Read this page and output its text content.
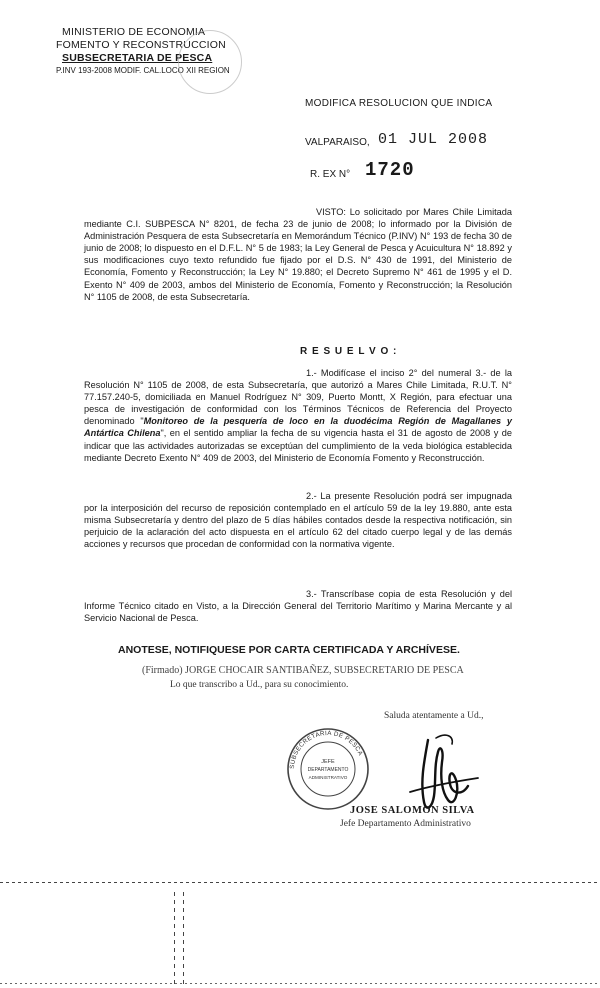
MINISTERIO DE ECONOMIA
FOMENTO Y RECONSTRUCCION
SUBSECRETARIA DE PESCA
P.INV 193-2008 MODIF. CAL.LOCO XII REGION
MODIFICA RESOLUCION QUE INDICA
VALPARAISO, 01 JUL 2008
R. EX N° 1720

VISTO: Lo solicitado por Mares Chile Limitada mediante C.I. SUBPESCA N° 8201, de fecha 23 de junio de 2008; lo informado por la División de Administración Pesquera de esta Subsecretaría en Memorándum Técnico (P.INV) N° 193 de fecha 30 de junio de 2008; lo dispuesto en el D.F.L. N° 5 de 1983; la Ley General de Pesca y Acuicultura N° 18.892 y sus modificaciones cuyo texto refundido fue fijado por el D.S. N° 430 de 1991, del Ministerio de Economía, Fomento y Reconstrucción; la Ley N° 19.880; el Decreto Supremo N° 461 de 1995 y el D. Exento N° 409 de 2003, ambos del Ministerio de Economía, Fomento y Reconstrucción; la Resolución N° 1105 de 2008, de esta Subsecretaría.

R E S U E L V O :

1.- Modifícase el inciso 2° del numeral 3.- de la Resolución N° 1105 de 2008, de esta Subsecretaría, que autorizó a Mares Chile Limitada, R.U.T. N° 77.157.240-5, domiciliada en Manuel Rodríguez N° 309, Puerto Montt, X Región, para efectuar una pesca de investigación de conformidad con los Términos Técnicos de Referencia del Proyecto denominado "Monitoreo de la pesquería de loco en la duodécima Región de Magallanes y Antártica Chilena", en el sentido ampliar la fecha de su vigencia hasta el 31 de agosto de 2008 y de indicar que las actividades autorizadas se exceptúan del cumplimiento de la veda biológica establecida mediante Decreto Exento N° 409 de 2003, del Ministerio de Economía Fomento y Reconstrucción.

2.- La presente Resolución podrá ser impugnada por la interposición del recurso de reposición contemplado en el artículo 59 de la ley 19.880, ante esta misma Subsecretaría y dentro del plazo de 5 días hábiles contados desde la respectiva notificación, sin perjuicio de la aclaración del acto dispuesta en el artículo 62 del citado cuerpo legal y de las demás acciones y recursos que procedan de conformidad con la normativa vigente.

3.- Transcríbase copia de esta Resolución y del Informe Técnico citado en Visto, a la Dirección General del Territorio Marítimo y Marina Mercante y al Servicio Nacional de Pesca.

ANOTESE, NOTIFIQUESE POR CARTA CERTIFICADA Y ARCHÍVESE.
(Firmado) JORGE CHOCAIR SANTIBAÑEZ, SUBSECRETARIO DE PESCA
Lo que transcribo a Ud., para su conocimiento.
Saluda atentamente a Ud.,
SUBSECRETARIA DE PESCA
JEFE
DEPARTAMENTO
ADMINISTRATIVO
JOSE SALOMON SILVA
Jefe Departamento Administrativo
